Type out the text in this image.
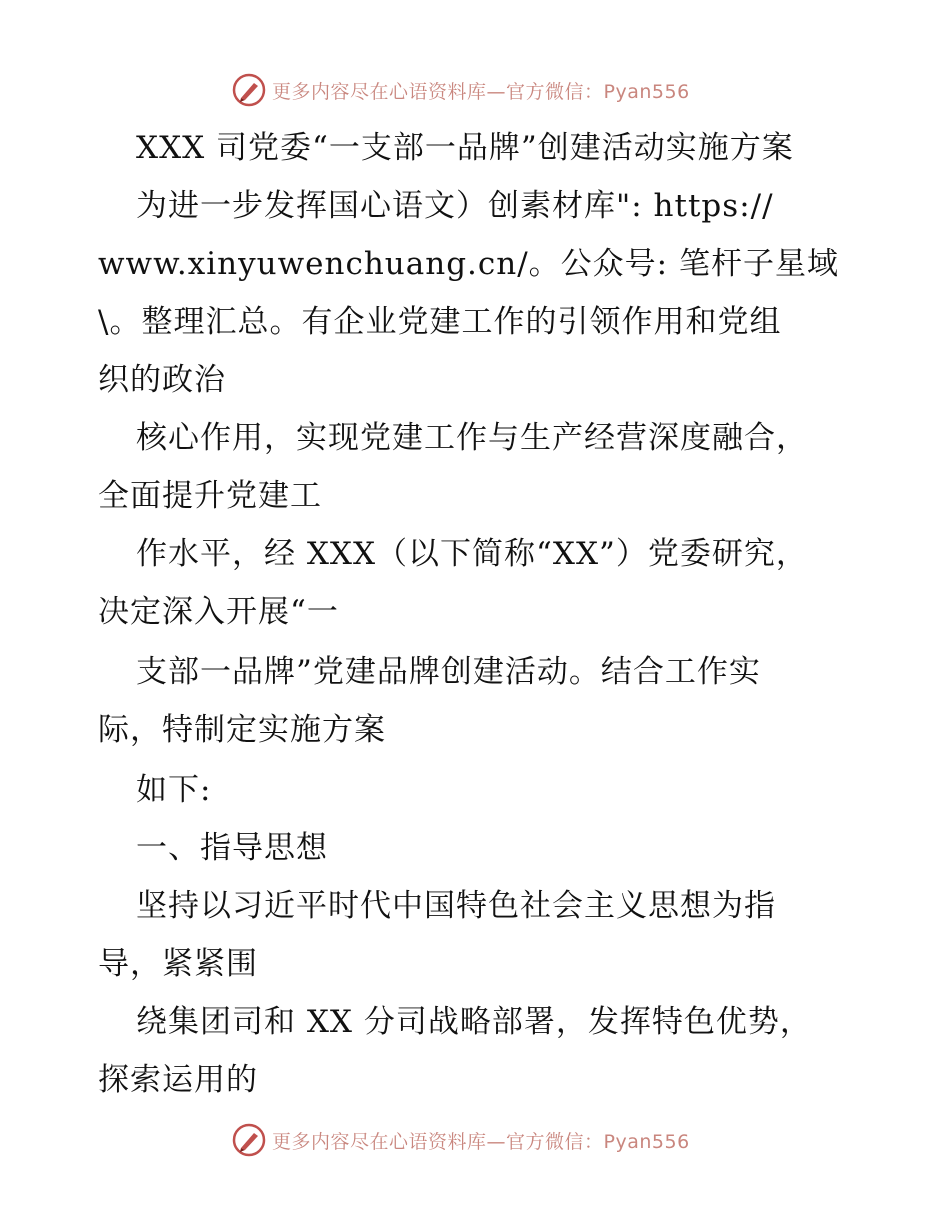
更多内容尽在心语资料库—官方微信：Pyan556
XXX 司党委“一支部一品牌”创建活动实施方案
为进一步发挥国心语文）创素材库": https://
www.xinyuwenchuang.cn/。公众号: 笔杆子星域
\。整理汇总。有企业党建工作的引领作用和党组
织的政治
核心作用，实现党建工作与生产经营深度融合，
全面提升党建工
作水平，经 XXX（以下简称“XX”）党委研究，
决定深入开展“一
支部一品牌”党建品牌创建活动。结合工作实
际，特制定实施方案
如下:
一、指导思想
坚持以习近平时代中国特色社会主义思想为指
导，紧紧围
绕集团司和 XX 分司战略部署，发挥特色优势，
探索运用的
更多内容尽在心语资料库—官方微信：Pyan556
